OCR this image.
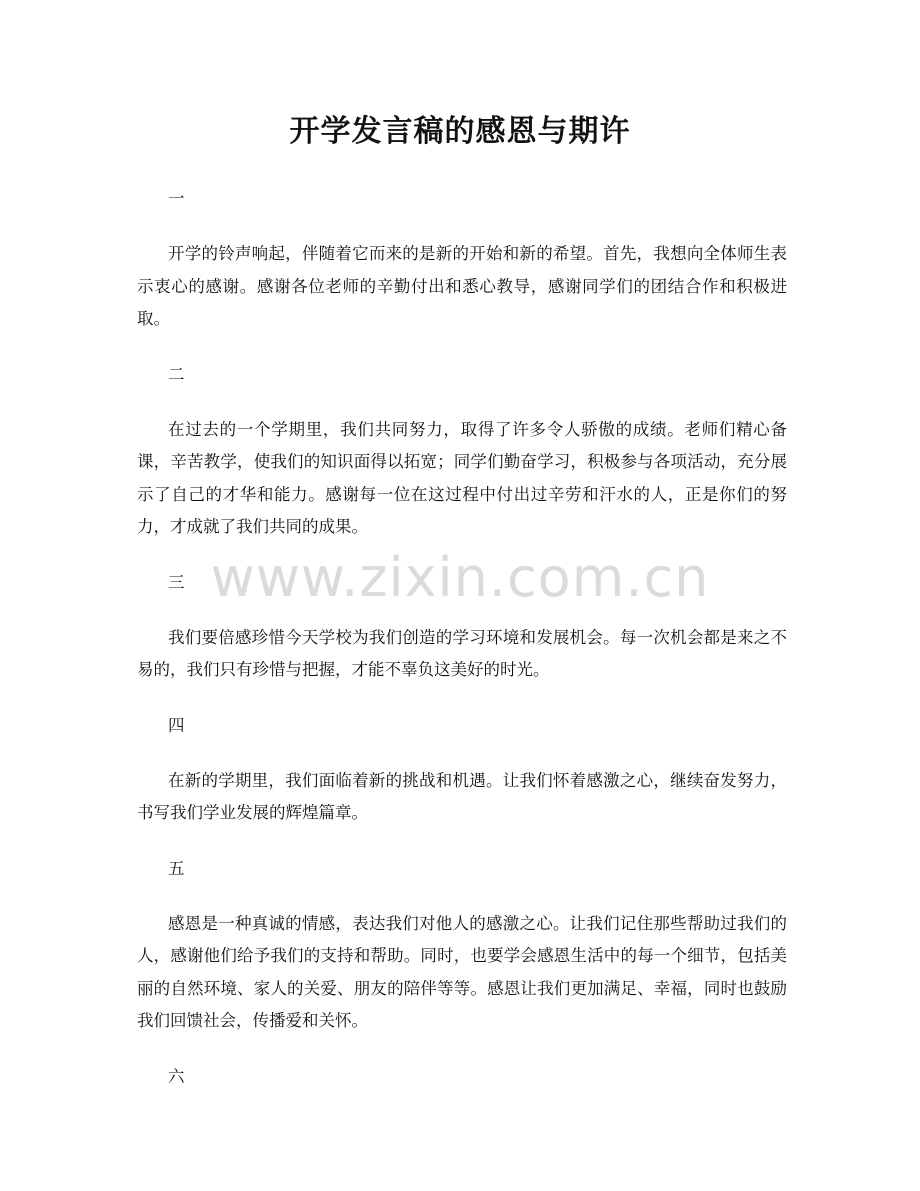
开学发言稿的感恩与期许

一

开学的铃声响起，伴随着它而来的是新的开始和新的希望。首先，我想向全体师生表示衷心的感谢。感谢各位老师的辛勤付出和悉心教导，感谢同学们的团结合作和积极进取。

二

在过去的一个学期里，我们共同努力，取得了许多令人骄傲的成绩。老师们精心备课，辛苦教学，使我们的知识面得以拓宽；同学们勤奋学习，积极参与各项活动，充分展示了自己的才华和能力。感谢每一位在这过程中付出过辛劳和汗水的人，正是你们的努力，才成就了我们共同的成果。

三

我们要倍感珍惜今天学校为我们创造的学习环境和发展机会。每一次机会都是来之不易的，我们只有珍惜与把握，才能不辜负这美好的时光。

四

在新的学期里，我们面临着新的挑战和机遇。让我们怀着感激之心，继续奋发努力，书写我们学业发展的辉煌篇章。

五

感恩是一种真诚的情感，表达我们对他人的感激之心。让我们记住那些帮助过我们的人，感谢他们给予我们的支持和帮助。同时，也要学会感恩生活中的每一个细节，包括美丽的自然环境、家人的关爱、朋友的陪伴等等。感恩让我们更加满足、幸福，同时也鼓励我们回馈社会，传播爱和关怀。

六

www.zixin.com.cn
